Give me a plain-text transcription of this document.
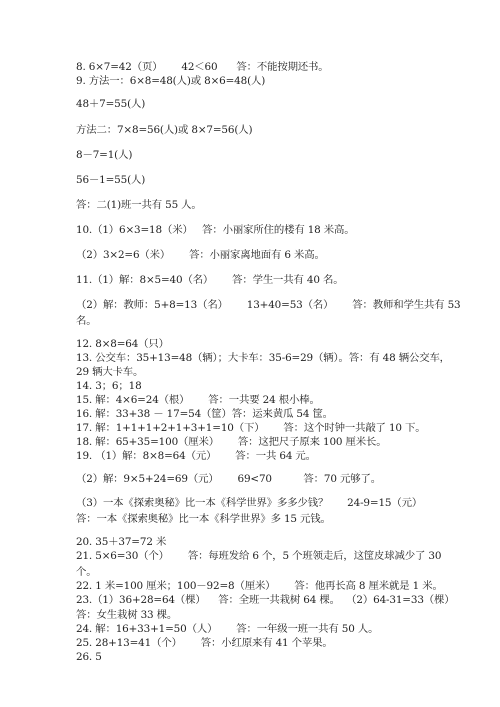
8. 6×7=42（页）      42＜60      答：不能按期还书。
9. 方法一：6×8=48(人)或 8×6=48(人)
48＋7=55(人)
方法二：7×8=56(人)或 8×7=56(人)
8－7=1(人)
56－1=55(人)
答：二(1)班一共有 55 人。
10.（1）6×3=18（米）   答：小丽家所住的楼有 18 米高。
（2）3×2=6（米）      答：小丽家离地面有 6 米高。
11.（1）解：8×5=40（名）      答：学生一共有 40 名。
（2）解：教师：5+8=13（名）      13+40=53（名）      答：教师和学生共有 53
名。
12. 8×8=64（只）
13. 公交车：35+13=48（辆）；大卡车：35-6=29（辆）。答：有 48 辆公交车，
29 辆大卡车。
14. 3；6；18
15. 解：4×6=24（根）      答：一共要 24 根小棒。
16. 解：33+38 － 17=54（筐）答：运来黄瓜 54 筐。
17. 解：1+1+1+2+1+3+1=10（下）      答：这个时钟一共敲了 10 下。
18. 解：65+35=100（厘米）      答：这把尺子原来 100 厘米长。
19. （1）解：8×8=64（元）      答：一共 64 元。
（2）解：9×5+24=69（元）      69<70          答：70 元够了。
（3）一本《探索奥秘》比一本《科学世界》多多少钱？      24-9=15（元）
答：一本《探索奥秘》比一本《科学世界》多 15 元钱。
20. 35＋37=72 米
21. 5×6=30（个）      答：每班发给 6 个，5 个班领走后，这筐皮球减少了 30
个。
22. 1 米=100 厘米；100－92=8（厘米）      答：他再长高 8 厘米就是 1 米。
23.（1）36+28=64（棵）    答：全班一共栽树 64 棵。  （2）64-31=33（棵）
答：女生栽树 33 棵。
24. 解：16+33+1=50（人）      答：一年级一班一共有 50 人。
25. 28+13=41（个）      答：小红原来有 41 个苹果。
26. 5
